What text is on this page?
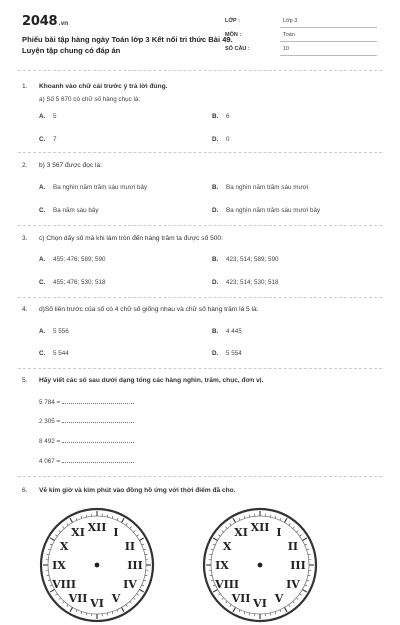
2048.vn
Phiếu bài tập hàng ngày Toán lớp 3 Kết nối tri thức Bài 49. Luyện tập chung có đáp án
LỚP :	Lớp 3
MÔN :	Toán
SỐ CÂU :	10
1. Khoanh vào chữ cái trước ý trả lời đúng.
a) Số 5 670 có chữ số hàng chục là:
A. 5	B. 6
C. 7	D. 0
2. b) 3 567 được đọc là:
A. Ba nghìn năm trăm sáu mươi bảy	B. Ba nghìn năm trăm sáu mươi
C. Ba năm sáu bảy	D. Ba nghìn năm trăm sáu mươi bảy
3. c) Chọn dãy số mà khi làm tròn đến hàng trăm ta được số 500:
A. 455; 476; 589; 590	B. 423; 514; 589; 590
C. 455; 476; 530; 518	D. 423; 514; 530; 518
4. d)Số liền trước của số có 4 chữ số giống nhau và chữ số hàng trăm là 5 là:
A. 5 556	B. 4 445
C. 5 544	D. 5 554
5. Hãy viết các số sau dưới dạng tổng các hàng nghìn, trăm, chục, đơn vị.
5 784 =
2 305 =
8 492 =
4 067 =
6. Vẽ kim giờ và kim phút vào đồng hồ ứng với thời điểm đã cho.
XII I
II
III
IV
V
VI
VII
VIII
IX
X
XI	XII I
II
III
IV
V
VI
VII
VIII
IX
X
XI
